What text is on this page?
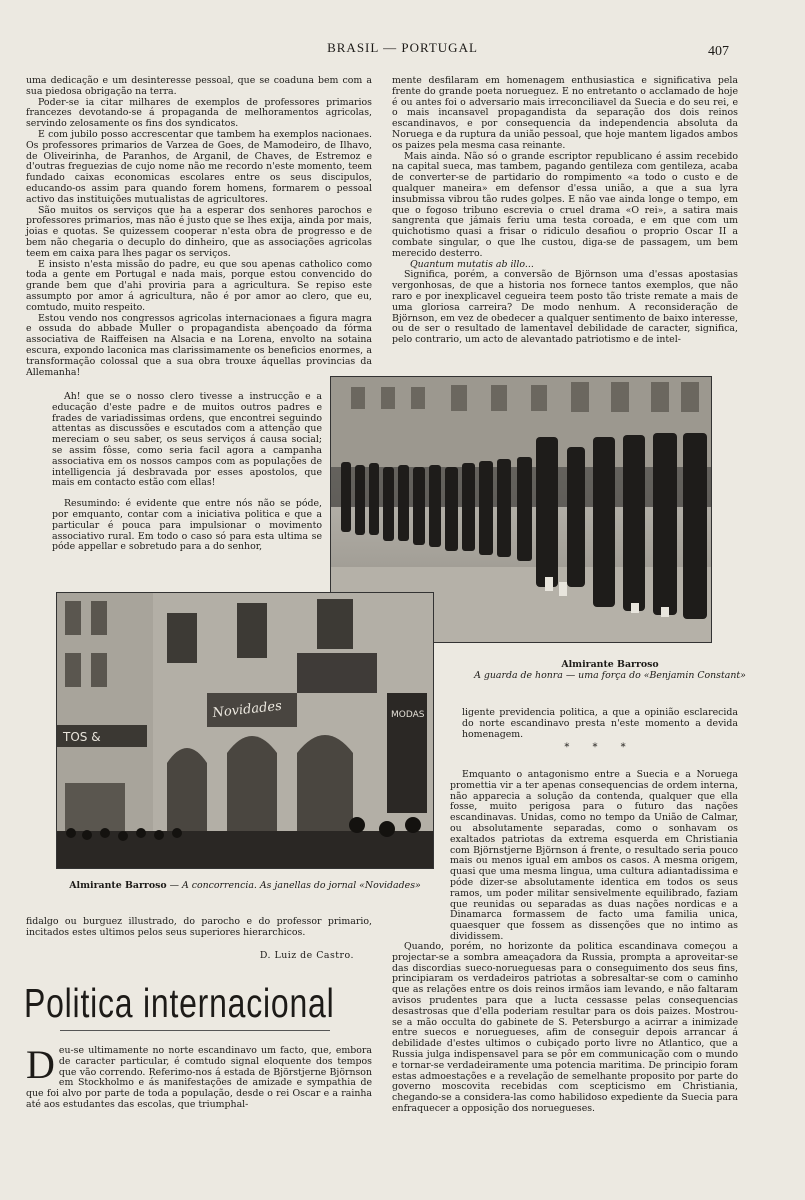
BRASIL — PORTUGAL	407

uma dedicação e um desinteresse pessoal, que se coaduna bem com a sua piedosa obrigação na terra.

Poder-se ia citar milhares de exemplos de professores primarios francezes devotando-se á propaganda de melhoramentos agricolas, servindo zelosamente os fins dos syndicatos.

E com jubilo posso accrescentar que tambem ha exemplos nacionaes. Os professores primarios de Varzea de Goes, de Mamodeiro, de Ilhavo, de Oliveirinha, de Paranhos, de Arganil, de Chaves, de Estremoz e d'outras freguezias de cujo nome não me recordo n'este momento, teem fundado caixas economicas escolares entre os seus discipulos, educando-os assim para quando forem homens, formarem o pessoal activo das instituições mutualistas de agricultores.

São muitos os serviços que ha a esperar dos senhores parochos e professores primarios, mas não é justo que se lhes exija, ainda por mais, joias e quotas. Se quizessem cooperar n'esta obra de progresso e de bem não chegaria o decuplo do dinheiro, que as associações agricolas teem em caixa para lhes pagar os serviços.

E insisto n'esta missão do padre, eu que sou apenas catholico como toda a gente em Portugal e nada mais, porque estou convencido do grande bem que d'ahi proviria para a agricultura. Se repiso este assumpto por amor á agricultura, não é por amor ao clero, que eu, comtudo, muito respeito.

Estou vendo nos congressos agricolas internacionaes a figura magra e ossuda do abbade Muller o propagandista abençoado da fórma associativa de Raiffeisen na Alsacia e na Lorena, envolto na sotaina escura, expondo laconica mas clarissimamente os beneficios enormes, a transformação colossal que a sua obra trouxe áquellas provincias da Allemanha!

Ah! que se o nosso clero tivesse a instrucção e a educação d'este padre e de muitos outros padres e frades de variadissimas ordens, que encontrei seguindo attentas as discussões e escutados com a attenção que mereciam o seu saber, os seus serviços á causa social; se assim fôsse, como seria facil agora a campanha associativa em os nossos campos com as populações de intelligencia já desbravada por esses apostolos, que mais em contacto estão com ellas!

Resumindo: é evidente que entre nós não se póde, por emquanto, contar com a iniciativa politica e que a particular é pouca para impulsionar o movimento associativo rural. Em todo o caso só para esta ultima se póde appellar e sobretudo para a do senhor,

mente desfilaram em homenagem enthusiastica e significativa pela frente do grande poeta norueguez. E no entretanto o acclamado de hoje é ou antes foi o adversario mais irreconciliavel da Suecia e do seu rei, e o mais incansavel propagandista da separação dos dois reinos escandinavos, e por consequencia da independencia absoluta da Noruega e da ruptura da união pessoal, que hoje mantem ligados ambos os paizes pela mesma casa reinante.

Mais ainda. Não só o grande escriptor republicano é assim recebido na capital sueca, mas tambem, pagando gentileza com gentileza, acaba de converter-se de partidario do rompimento «a todo o custo e de qualquer maneira» em defensor d'essa união, a que a sua lyra insubmissa vibrou tão rudes golpes. E não vae ainda longe o tempo, em que o fogoso tribuno escrevia o cruel drama «O rei», a satira mais sangrenta que jámais feriu uma testa coroada, e em que com um quichotismo quasi a frisar o ridiculo desafiou o proprio Oscar II a combate singular, o que lhe custou, diga-se de passagem, um bem merecido desterro.

Quantum mutatis ab illo...

Significa, porém, a conversão de Björnson uma d'essas apostasias vergonhosas, de que a historia nos fornece tantos exemplos, que não raro e por inexplicavel cegueira teem posto tão triste remate a mais de uma gloriosa carreira? De modo nenhum. A reconsideração de Björnson, em vez de obedecer a qualquer sentimento de baixo interesse, ou de ser o resultado de lamentavel debilidade de caracter, significa, pelo contrario, um acto de alevantado patriotismo e de intel-

Almirante Barroso
A guarda de honra — uma força do «Benjamin Constant»
TOS &
Novidades	MODAS
Almirante Barroso — A concorrencia. As janellas do jornal «Novidades»

ligente previdencia politica, a que a opinião esclarecida do norte escandinavo presta n'este momento a devida homenagem.

* * *

Emquanto o antagonismo entre a Suecia e a Noruega promettia vir a ter apenas consequencias de ordem interna, não apparecia a solução da contenda, qualquer que ella fosse, muito perigosa para o futuro das nações escandinavas. Unidas, como no tempo da União de Calmar, ou absolutamente separadas, como o sonhavam os exaltados patriotas da extrema esquerda em Christiania com Björnstjerne Björnson á frente, o resultado seria pouco mais ou menos igual em ambos os casos. A mesma origem, quasi que uma mesma lingua, uma cultura adiantadissima e póde dizer-se absolutamente identica em todos os seus ramos, um poder militar sensivelmente equilibrado, faziam que reunidas ou separadas as duas nações nordicas e a Dinamarca formassem de facto uma familia unica, quaesquer que fossem as dissenções que no intimo as dividissem.

Quando, porém, no horizonte da politica escandinava começou a projectar-se a sombra ameaçadora da Russia, prompta a aproveitar-se das discordias sueco-norueguesas para o conseguimento dos seus fins, principiaram os verdadeiros patriotas a sobresaltar-se com o caminho que as relações entre os dois reinos irmãos iam levando, e não faltaram avisos prudentes para que a lucta cessasse pelas consequencias desastrosas que d'ella poderiam resultar para os dois paizes. Mostrou-se a mão occulta do gabinete de S. Petersburgo a acirrar a inimizade entre suecos e noruegueses, afim de conseguir depois arrancar á debilidade d'estes ultimos o cubiçado porto livre no Atlantico, que a Russia julga indispensavel para se pôr em communicação com o mundo e tornar-se verdadeiramente uma potencia maritima. De principio foram estas admoestações e a revelação de semelhante proposito por parte do governo moscovita recebidas com scepticismo em Christiania, chegando-se a considera-las como habilidoso expediente da Suecia para enfraquecer a opposição dos noruegueses.

fidalgo ou burguez illustrado, do parocho e do professor primario, incitados estes ultimos pelos seus superiores hierarchicos.

D. Luiz de Castro.
Politica internacional

Deu-se ultimamente no norte escandinavo um facto, que, embora de caracter particular, é comtudo signal eloquente dos tempos que vão correndo. Referimo-nos á estada de Björstjerne Björnson em Stockholmo e ás manifestações de amizade e sympathia de que foi alvo por parte de toda a população, desde o rei Oscar e a rainha até aos estudantes das escolas, que triumphal-
